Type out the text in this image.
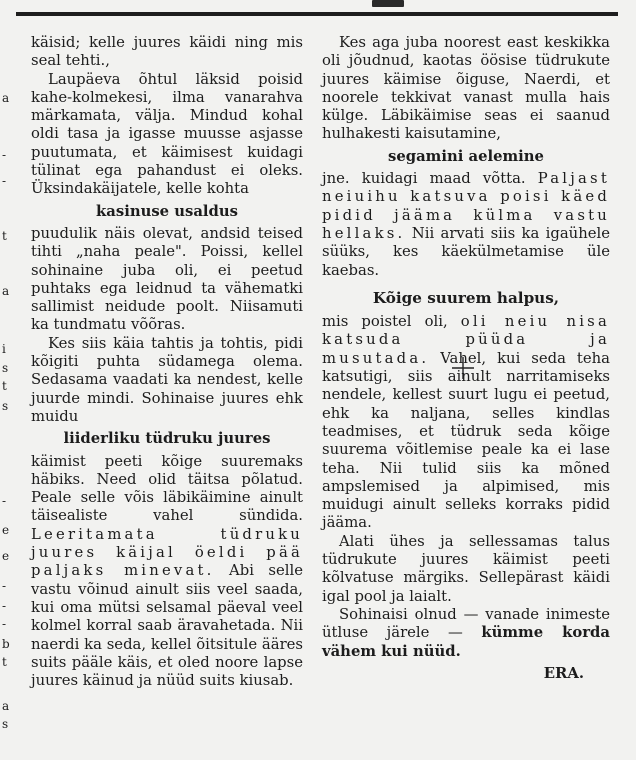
a
-
-
t
a
i
s
t
s
-
e
e
-
-
-
b
t
a
s

käisid; kelle juures käidi ning mis seal tehti.,

Laupäeva õhtul läksid poisid kahe-kolmekesi, ilma vanarahva märkamata, välja. Mindud kohal oldi tasa ja igasse muusse asjasse puutumata, et käimisest kuidagi tülinat ega pahandust ei oleks. Üksindakäijatele, kelle kohta

kasinuse usaldus

puudulik näis olevat, andsid teised tihti „naha peale". Poissi, kellel sohinaine juba oli, ei peetud puhtaks ega leidnud ta vähematki sallimist neidude poolt. Niisamuti ka tundmatu võõras.

Kes siis käia tahtis ja tohtis, pidi kõigiti puhta südamega olema. Sedasama vaadati ka nendest, kelle juurde mindi. Sohinaise juures ehk muidu

liiderliku tüdruku juures

käimist peeti kõige suuremaks häbiks. Need olid täitsa põlatud. Peale selle võis läbikäimine ainult täisealiste vahel sündida. Leeritamata tüdruku juures käijal öeldi pää paljaks minevat. Abi selle vastu võinud ainult siis veel saada, kui oma mütsi selsamal päeval veel kolmel korral saab äravahetada. Nii naerdi ka seda, kellel õitsitule ääres suits pääle käis, et oled noore lapse juures käinud ja nüüd suits kiusab.

Kes aga juba noorest east keskikka oli jõudnud, kaotas öösise tüdrukute juures käimise õiguse, Naerdi, et noorele tekkivat vanast mulla hais külge. Läbikäimise seas ei saanud hulhakesti kaisutamine,

segamini aelemine

jne. kuidagi maad võtta. Paljast neiuihu katsuva poisi käed pidid jääma külma vastu hellaks. Nii arvati siis ka igaühele süüks, kes käekülmetamise üle kaebas.

Kõige suurem halpus,

mis poistel oli, oli neiu nisa katsuda püüda ja musutada. Vahel, kui seda teha katsutigi, siis ainult narritamiseks nendele, kellest suurt lugu ei peetud, ehk ka naljana, selles kindlas teadmises, et tüdruk seda kõige suurema võitlemise peale ka ei lase teha. Nii tulid siis ka mõned ampslemised ja alpimised, mis muidugi ainult selleks korraks pidid jääma.

Alati ühes ja sellessamas talus tüdrukute juures käimist peeti kõlvatuse märgiks. Sellepärast käidi igal pool ja laialt.

Sohinaisi olnud — vanade inimeste ütluse järele — kümme korda vähem kui nüüd.

ERA.
